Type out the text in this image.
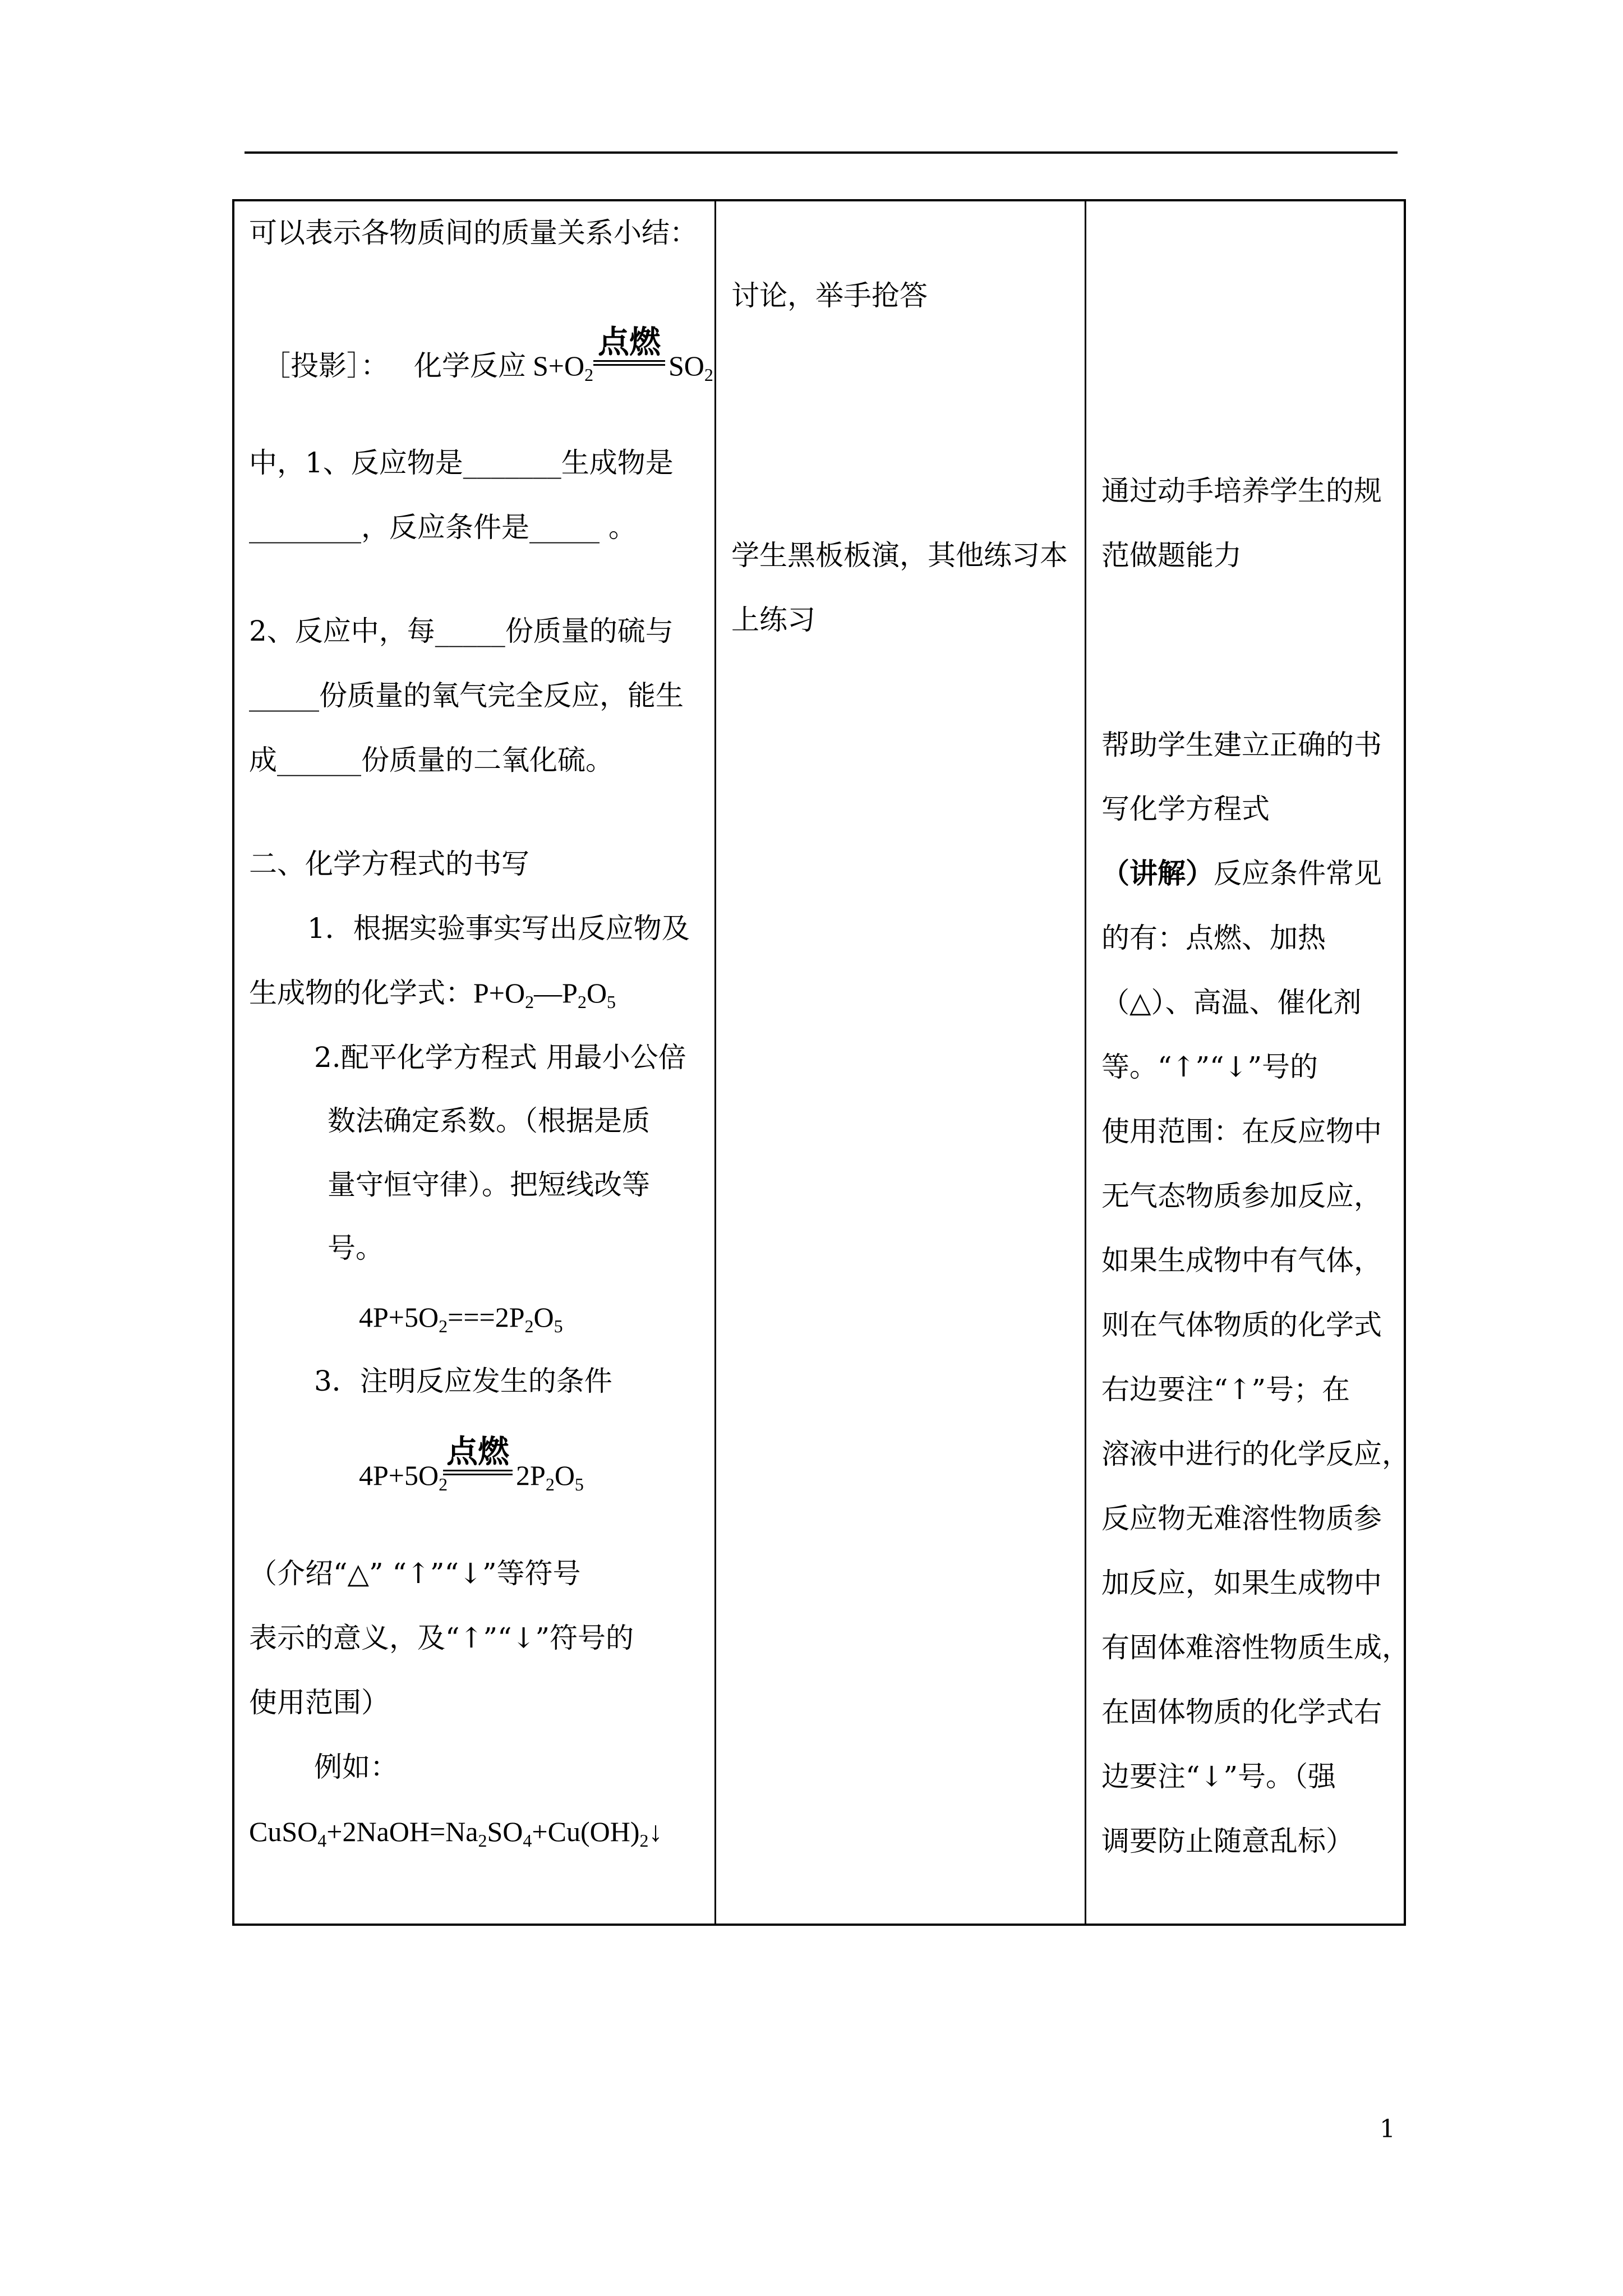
可以表示各物质间的质量关系小结：
［投影］： 化学反应 $S+O_2$
点燃
$SO_2$
中，1、反应物是_______生成物是
________，反应条件是_____ 。
2、反应中，每_____份质量的硫与
_____份质量的氧气完全反应，能生
成______份质量的二氧化硫。
二、化学方程式的书写
1．根据实验事实写出反应物及
生成物的化学式：$P+O_2—P_2O_5$
2.配平化学方程式 用最小公倍
数法确定系数。（根据是质
量守恒守律）。把短线改等
号。
$4P+5O_2===2P_2O_5$
3．注明反应发生的条件
$4P+5O_2$
点燃
$2P_2O_5$
（介绍“△” “↑”“↓”等符号
表示的意义，及“↑”“↓”符号的
使用范围）
例如：
$CuSO_4+2NaOH=Na_2SO_4+Cu(OH)_2↓$
讨论，举手抢答
学生黑板板演，其他练习本
上练习
通过动手培养学生的规
范做题能力
帮助学生建立正确的书
写化学方程式
（讲解）反应条件常见
的有：点燃、加热
（△）、高温、催化剂
等。“↑”“↓”号的
使用范围：在反应物中
无气态物质参加反应，
如果生成物中有气体，
则在气体物质的化学式
右边要注“↑”号；在
溶液中进行的化学反应，
反应物无难溶性物质参
加反应，如果生成物中
有固体难溶性物质生成，
在固体物质的化学式右
边要注“↓”号。（强
调要防止随意乱标）
1
